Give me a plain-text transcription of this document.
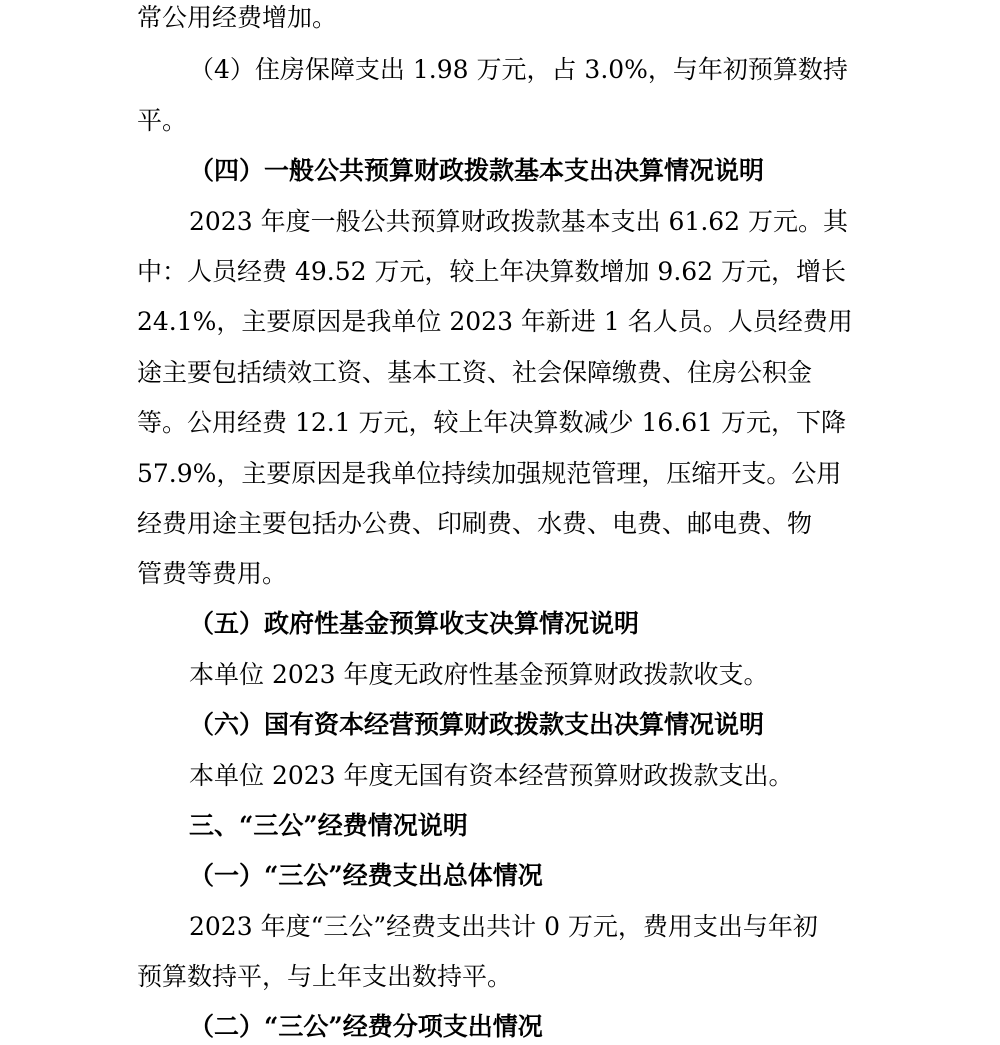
常公用经费增加。
（4）住房保障支出 1.98 万元，占 3.0%，与年初预算数持
平。
（四）一般公共预算财政拨款基本支出决算情况说明
2023 年度一般公共预算财政拨款基本支出 61.62 万元。其
中：人员经费 49.52 万元，较上年决算数增加 9.62 万元，增长
24.1%，主要原因是我单位 2023 年新进 1 名人员。人员经费用
途主要包括绩效工资、基本工资、社会保障缴费、住房公积金
等。公用经费 12.1 万元，较上年决算数减少 16.61 万元，下降
57.9%，主要原因是我单位持续加强规范管理，压缩开支。公用
经费用途主要包括办公费、印刷费、水费、电费、邮电费、物
管费等费用。
（五）政府性基金预算收支决算情况说明
本单位 2023 年度无政府性基金预算财政拨款收支。
（六）国有资本经营预算财政拨款支出决算情况说明
本单位 2023 年度无国有资本经营预算财政拨款支出。
三、“三公”经费情况说明
（一）“三公”经费支出总体情况
2023 年度“三公”经费支出共计 0 万元，费用支出与年初
预算数持平，与上年支出数持平。
（二）“三公”经费分项支出情况
